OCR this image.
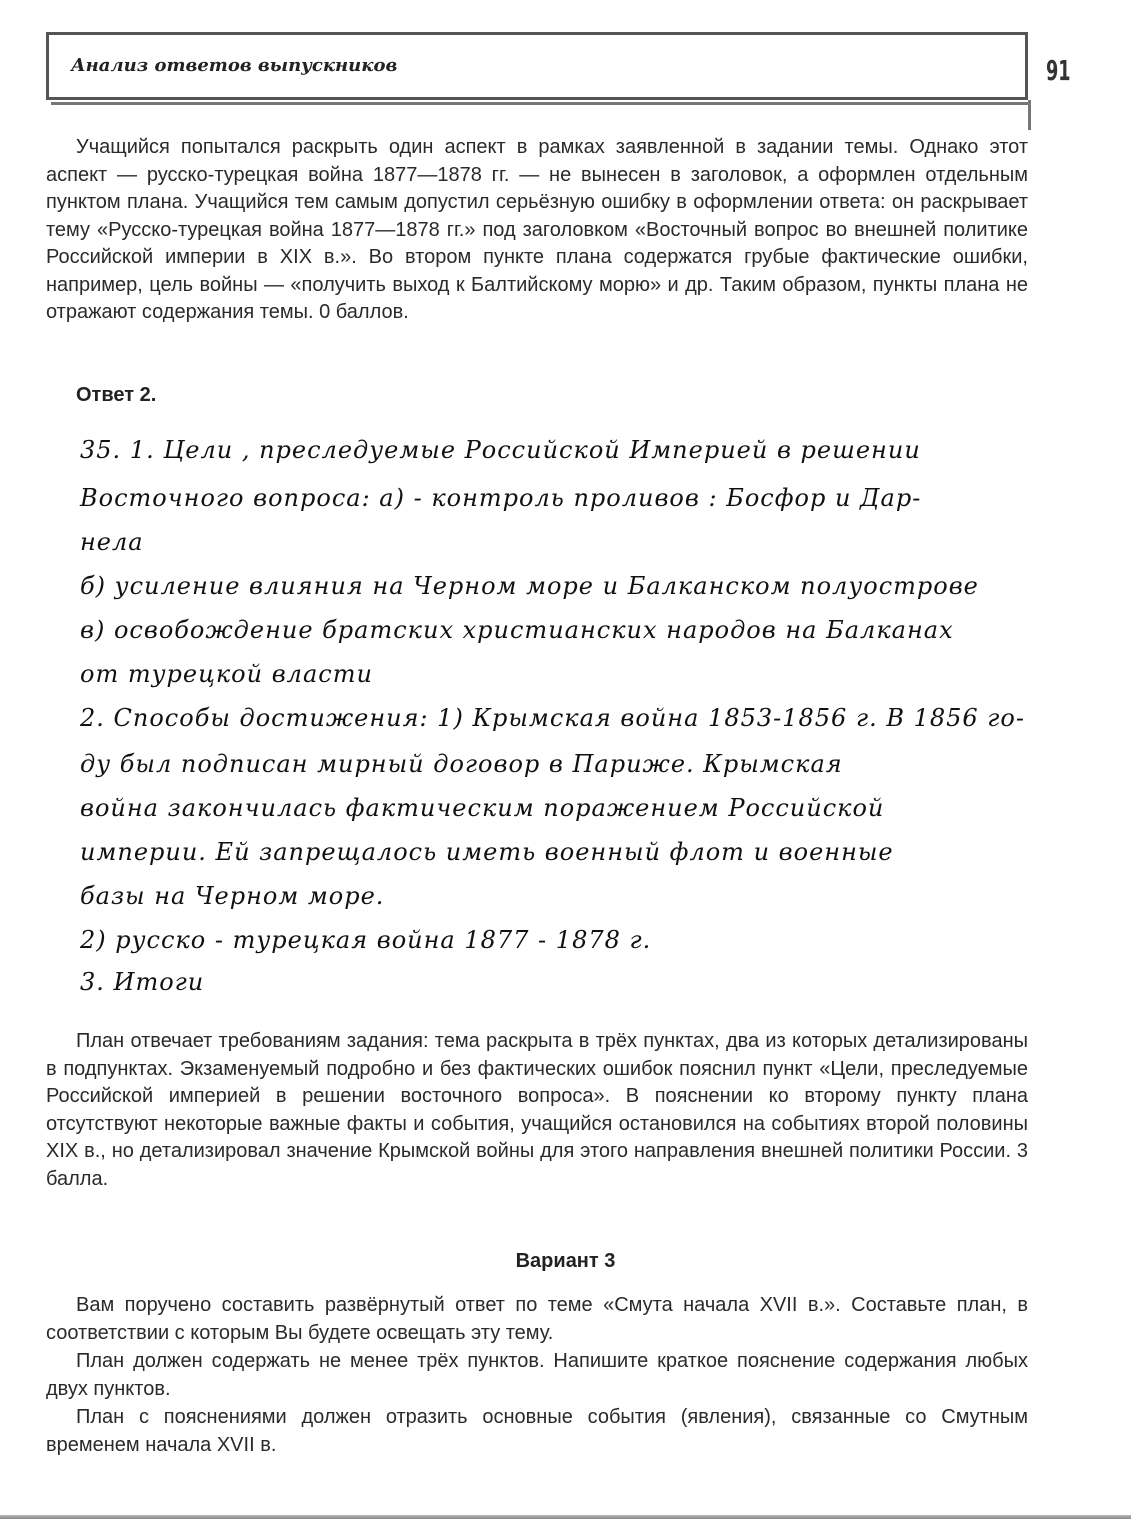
Анализ ответов выпускников	91

Учащийся попытался раскрыть один аспект в рамках заявленной в задании темы. Однако этот аспект — русско-турецкая война 1877—1878 гг. — не вынесен в заголовок, а оформлен отдельным пунктом плана. Учащийся тем самым допустил серьёзную ошибку в оформлении ответа: он раскрывает тему «Русско-турецкая война 1877—1878 гг.» под заголовком «Восточный вопрос во внешней политике Российской империи в XIX в.». Во втором пункте плана содержатся грубые фактические ошибки, например, цель войны — «получить выход к Балтийскому морю» и др. Таким образом, пункты плана не отражают содержания темы. 0 баллов.

Ответ 2.
35. 1. Цели , преследуемые Российской Империей в решении
Восточного вопроса: а) - контроль проливов : Босфор и Дар-
нела
б) усиление влияния на Черном море и Балканском полуострове
в) освобождение братских христианских народов на Балканах
от турецкой власти
2. Способы достижения: 1) Крымская война 1853-1856 г. В 1856 го-
ду был подписан мирный договор в Париже. Крымская
война закончилась фактическим поражением Российской
империи. Ей запрещалось иметь военный флот и военные
базы на Черном море.
2) русско - турецкая война 1877 - 1878 г.
3. Итоги

План отвечает требованиям задания: тема раскрыта в трёх пунктах, два из которых детализированы в подпунктах. Экзаменуемый подробно и без фактических ошибок пояснил пункт «Цели, преследуемые Российской империей в решении восточного вопроса». В пояснении ко второму пункту плана отсутствуют некоторые важные факты и события, учащийся остановился на событиях второй половины XIX в., но детализировал значение Крымской войны для этого направления внешней политики России. 3 балла.

Вариант 3

Вам поручено составить развёрнутый ответ по теме «Смута начала XVII в.». Составьте план, в соответствии с которым Вы будете освещать эту тему.

План должен содержать не менее трёх пунктов. Напишите краткое пояснение содержания любых двух пунктов.

План с пояснениями должен отразить основные события (явления), связанные со Смутным временем начала XVII в.
